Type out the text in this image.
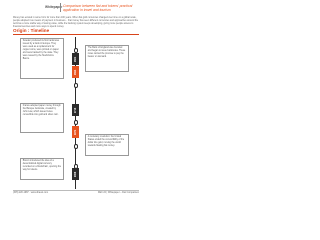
Whitepaper Comparison between fiat and tokens' practical application in travel and tourism

Money has existed in some form for more than 100 years. When fiat gold currencies changed over time on a global scale, people adopted it as means of payment in business... Fiat money has seen different currencies and approaches around the world as a more stable way of saving value, while the banking system keeps developing, giving more people access to financial services and more ways to spend money.

Origin : Timeline
Sweden produced its first banknotes issued by a bank in Europe. They were used as a replacement for copper coins, were printed on paper and were backed by the state. They were issued by the Stockholms Banco.	1661
The Bank of England was founded and began to issue banknotes. These notes carried the promise to pay the bearer on demand.
1694
France adopted paper money through the Banque Générale, created by John Law, which issued notes convertible into gold and silver coin.
1716
A monetary revolution: the United States ended the convertibility of the dollar into gold, moving the world towards floating fiat money.
1971
Bitcoin introduced the idea of a decentralized digital currency recorded on a blockchain, opening the way for tokens.
2008
(305) 220-1987 · www.dtravel.com	DEC 22 | Whitepaper – Fiat Comparison
